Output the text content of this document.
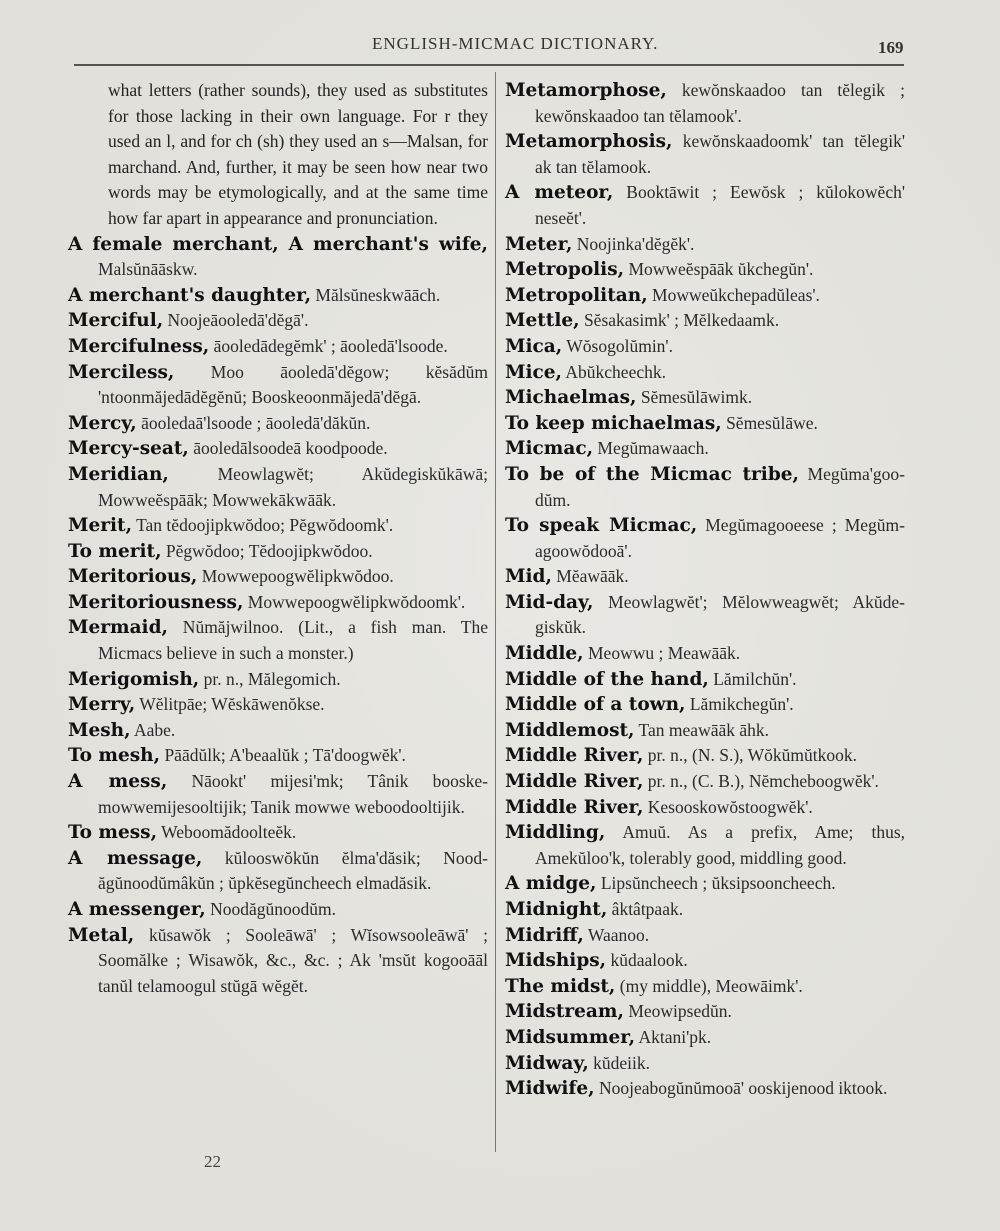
ENGLISH-MICMAC DICTIONARY.	169
what letters (rather sounds), they used as substitutes for those lacking in their own language. For r they used an l, and for ch (sh) they used an s—Malsan, for marchand. And, further, it may be seen how near two words may be etymologically, and at the same time how far apart in appearance and pronunciation.
A female merchant, A merchant's wife, Malsŭnāāskw.
A merchant's daughter, Mălsŭneskwāāch.
Merciful, Noojeāooledā'dĕgā'.
Mercifulness, āooledādegĕmk' ; āooledā'lsoode.
Merciless, Moo āooledā'dĕgow; kĕsădŭm 'ntoonmăjedādĕgĕnŭ; Booskeoonmăjedā'dĕgā.
Mercy, āooledaā'lsoode ; āooledā'dăkŭn.
Mercy-seat, āooledālsoodeā koodpoode.
Meridian, Meowlagwĕt; Akŭdegiskŭkāwā; Mowweĕspāāk; Mowwekākwāāk.
Merit, Tan tĕdoojipkwŏdoo; Pĕgwŏdoomk'.
To merit, Pĕgwŏdoo; Tĕdoojipkwŏdoo.
Meritorious, Mowwepoogwĕlipkwŏdoo.
Meritoriousness, Mowwepoogwĕlipkwŏdoomk'.
Mermaid, Nŭmăjwilnoo. (Lit., a fish man. The Micmacs believe in such a monster.)
Merigomish, pr. n., Mălegomich.
Merry, Wĕlitpāe; Wĕskāwenŏkse.
Mesh, Aabe.
To mesh, Pāādŭlk; A'beaalŭk ; Tā'doogwĕk'.
A mess, Nāookt' mijesi'mk; Tânik booskemowwemijesooltijik; Tanik mowwe weboodooltijik.
To mess, Weboomădoolteĕk.
A message, kŭlooswŏkŭn ĕlma'dăsik; Noodăgŭnoodŭmâkŭn ; ŭpkĕsegŭncheech elmadăsik.
A messenger, Noodăgŭnoodŭm.
Metal, kŭsawŏk ; Sooleāwā' ; Wĭsowsooleāwā' ; Soomălke ; Wisawŏk, &c., &c. ; Ak 'msŭt kogooāāl tanŭl telamoogul stŭgā wĕgĕt.
Metamorphose, kewŏnskaadoo tan tĕlegik ; kewŏnskaadoo tan tĕlamook'.
Metamorphosis, kewŏnskaadoomk' tan tĕlegik' ak tan tĕlamook.
A meteor, Booktāwit ; Eewŏsk ; kŭlokowĕch' neseĕt'.
Meter, Noojinka'dĕgĕk'.
Metropolis, Mowweĕspāāk ŭkchegŭn'.
Metropolitan, Mowweŭkchepadŭleas'.
Mettle, Sĕsakasimk' ; Mĕlkedaamk.
Mica, Wŏsogolŭmin'.
Mice, Abŭkcheechk.
Michaelmas, Sĕmesŭlāwimk.
To keep michaelmas, Sĕmesŭlāwe.
Micmac, Megŭmawaach.
To be of the Micmac tribe, Megŭma'goodŭm.
To speak Micmac, Megŭmagooeese ; Megŭmagoowŏdooā'.
Mid, Mĕawāāk.
Mid-day, Meowlagwĕt'; Mĕlowweagwĕt; Akŭdegiskŭk.
Middle, Meowwu ; Meawāāk.
Middle of the hand, Lămilchŭn'.
Middle of a town, Lămikchegŭn'.
Middlemost, Tan meawāāk āhk.
Middle River, pr. n., (N. S.), Wŏkŭmŭtkook.
Middle River, pr. n., (C. B.), Nĕmcheboogwĕk'.
Middle River, Kesooskowŏstoogwĕk'.
Middling, Amuŭ. As a prefix, Ame; thus, Amekŭloo'k, tolerably good, middling good.
A midge, Lipsŭncheech ; ŭksipsooncheech.
Midnight, âktâtpaak.
Midriff, Waanoo.
Midships, kŭdaalook.
The midst, (my middle), Meowāimk'.
Midstream, Meowipsedŭn.
Midsummer, Aktani'pk.
Midway, kŭdeiik.
Midwife, Noojeabogŭnŭmooā' ooskijenood iktook.
22
